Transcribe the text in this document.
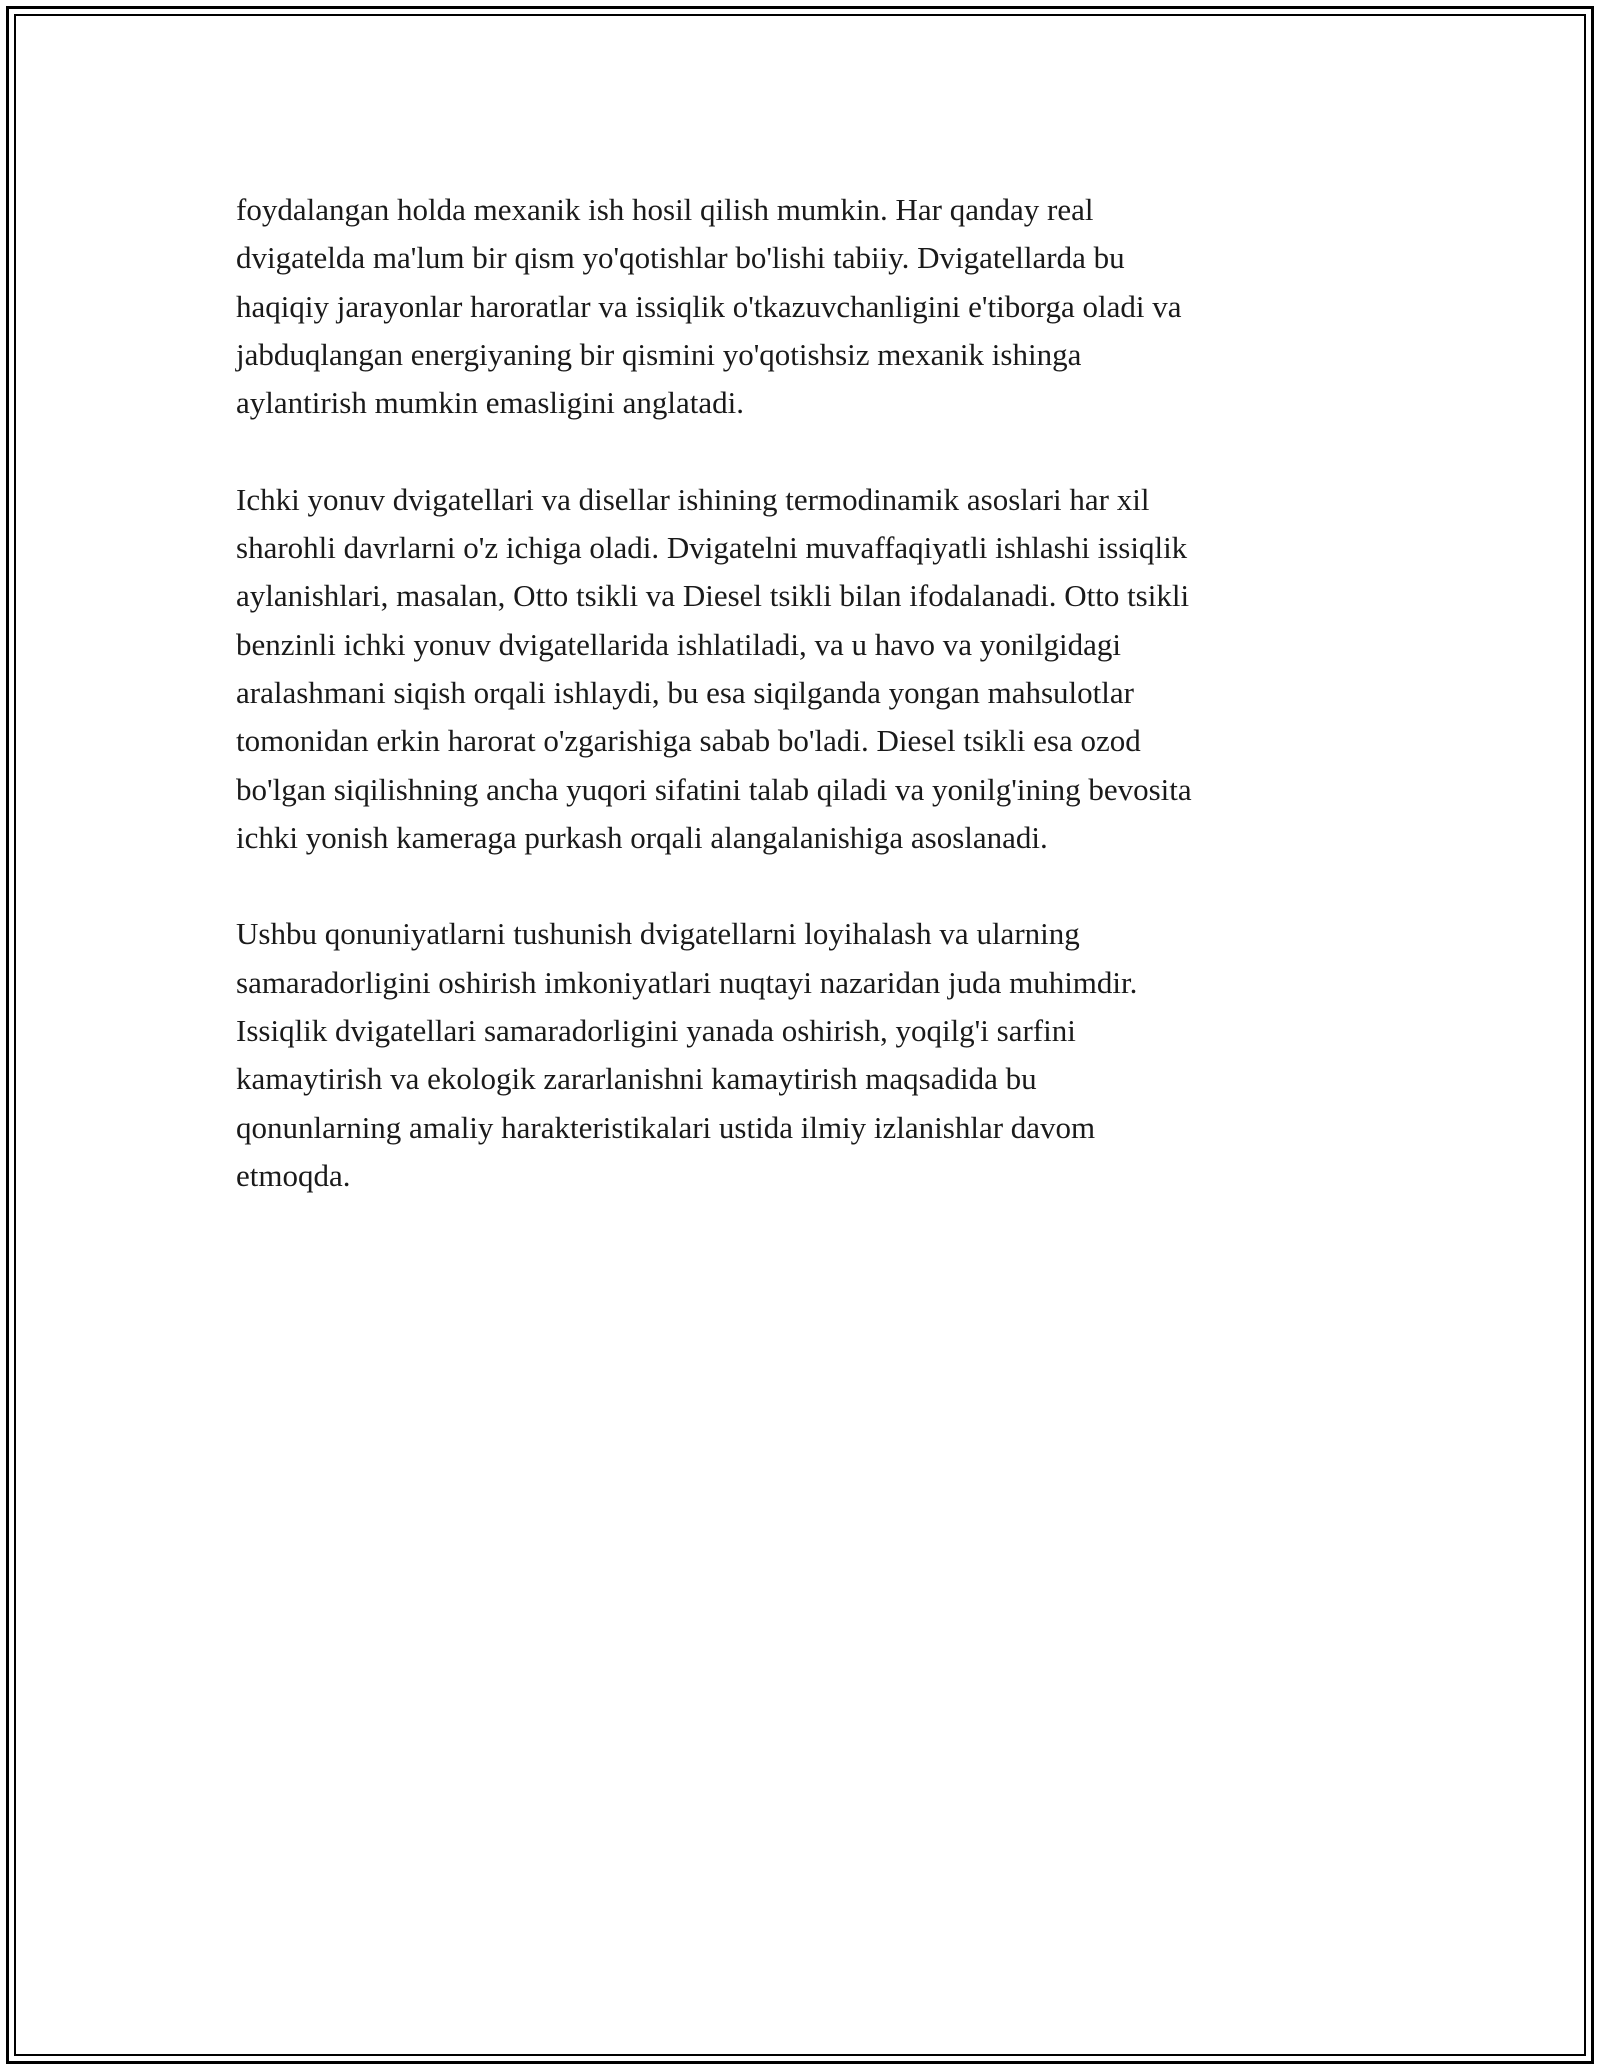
foydalangan holda mexanik ish hosil qilish mumkin. Har qanday real
dvigatelda ma'lum bir qism yo'qotishlar bo'lishi tabiiy. Dvigatellarda bu
haqiqiy jarayonlar haroratlar va issiqlik o'tkazuvchanligini e'tiborga oladi va
jabduqlangan energiyaning bir qismini yo'qotishsiz mexanik ishinga
aylantirish mumkin emasligini anglatadi.

Ichki yonuv dvigatellari va disellar ishining termodinamik asoslari har xil
sharohli davrlarni o'z ichiga oladi. Dvigatelni muvaffaqiyatli ishlashi issiqlik
aylanishlari, masalan, Otto tsikli va Diesel tsikli bilan ifodalanadi. Otto tsikli
benzinli ichki yonuv dvigatellarida ishlatiladi, va u havo va yonilgidagi
aralashmani siqish orqali ishlaydi, bu esa siqilganda yongan mahsulotlar
tomonidan erkin harorat o'zgarishiga sabab bo'ladi. Diesel tsikli esa ozod
bo'lgan siqilishning ancha yuqori sifatini talab qiladi va yonilg'ining bevosita
ichki yonish kameraga purkash orqali alangalanishiga asoslanadi.

Ushbu qonuniyatlarni tushunish dvigatellarni loyihalash va ularning
samaradorligini oshirish imkoniyatlari nuqtayi nazaridan juda muhimdir.
Issiqlik dvigatellari samaradorligini yanada oshirish, yoqilg'i sarfini
kamaytirish va ekologik zararlanishni kamaytirish maqsadida bu
qonunlarning amaliy harakteristikalari ustida ilmiy izlanishlar davom
etmoqda.
